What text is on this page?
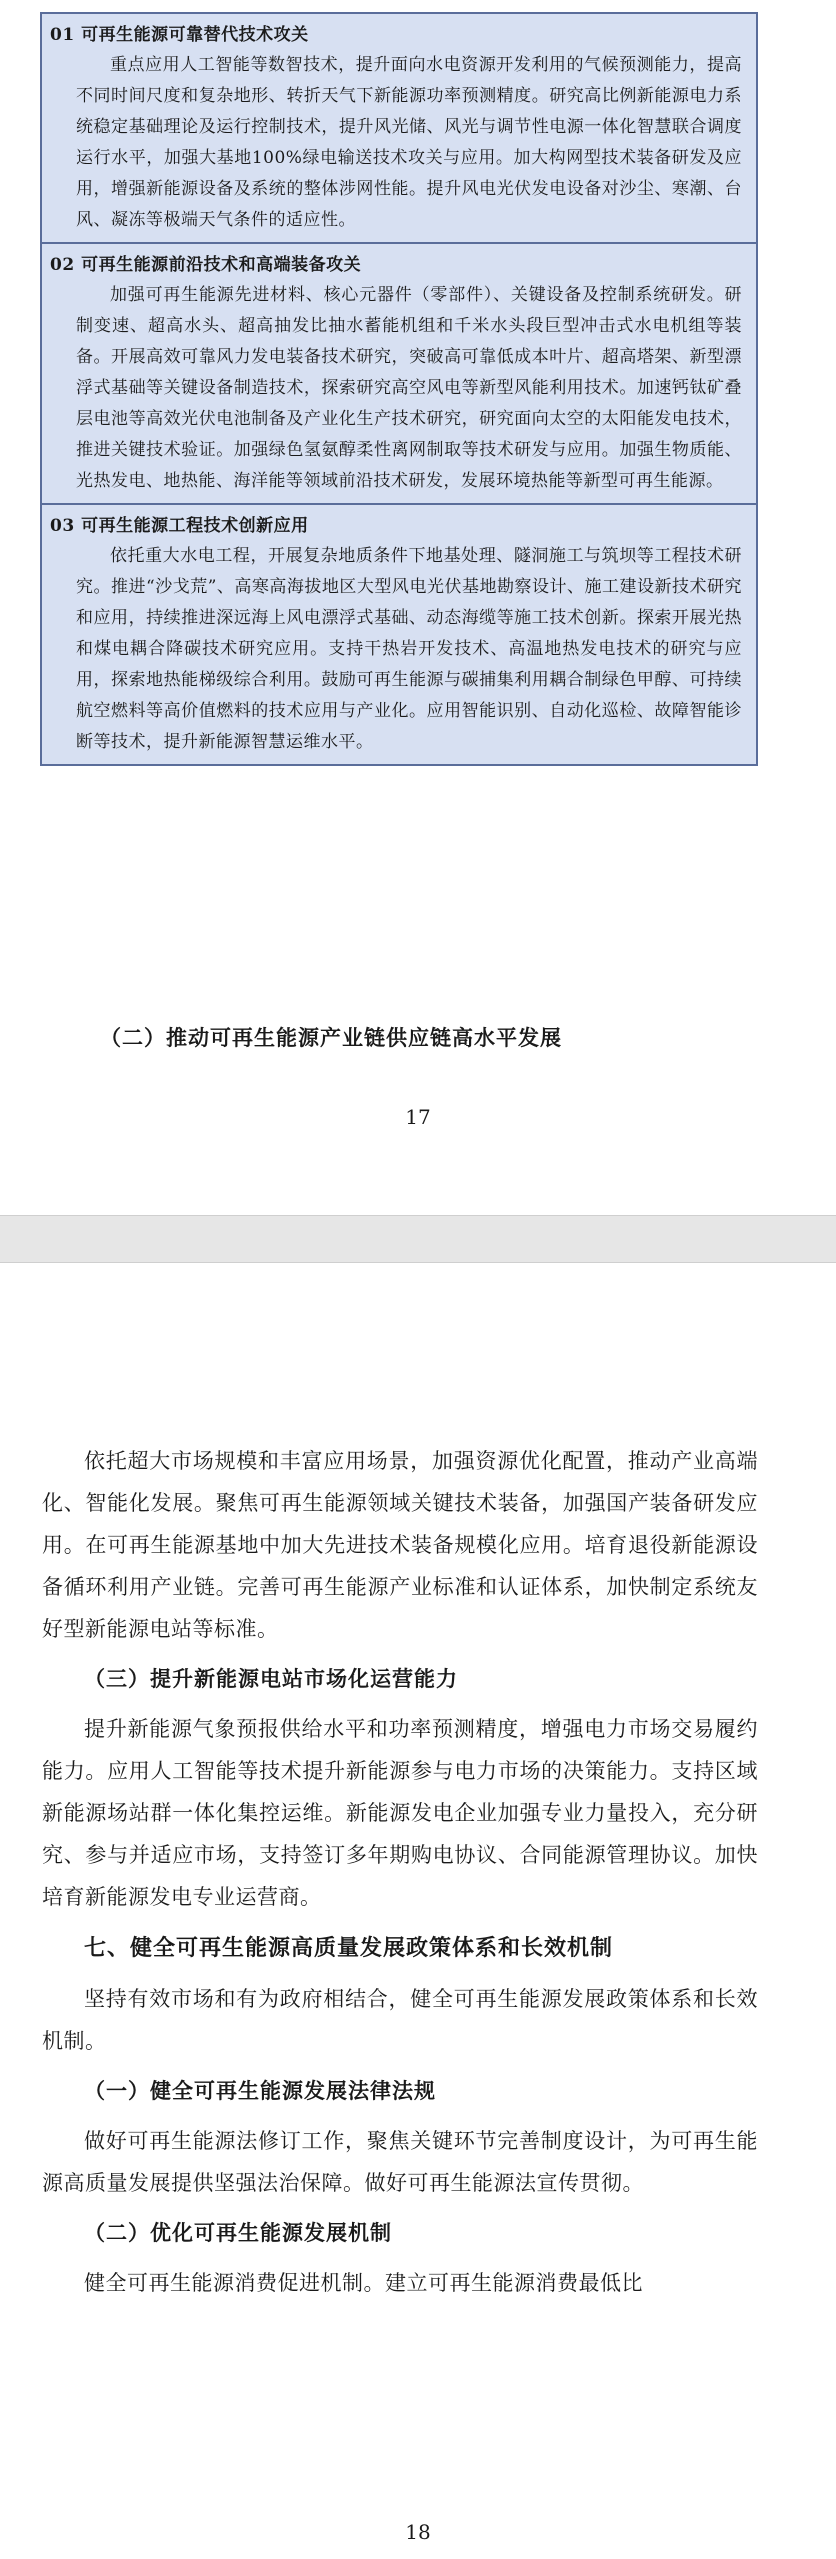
01 可再生能源可靠替代技术攻关
重点应用人工智能等数智技术，提升面向水电资源开发利用的气候预测能力，提高不同时间尺度和复杂地形、转折天气下新能源功率预测精度。研究高比例新能源电力系统稳定基础理论及运行控制技术，提升风光储、风光与调节性电源一体化智慧联合调度运行水平，加强大基地100%绿电输送技术攻关与应用。加大构网型技术装备研发及应用，增强新能源设备及系统的整体涉网性能。提升风电光伏发电设备对沙尘、寒潮、台风、凝冻等极端天气条件的适应性。
02 可再生能源前沿技术和高端装备攻关
加强可再生能源先进材料、核心元器件（零部件）、关键设备及控制系统研发。研制变速、超高水头、超高抽发比抽水蓄能机组和千米水头段巨型冲击式水电机组等装备。开展高效可靠风力发电装备技术研究，突破高可靠低成本叶片、超高塔架、新型漂浮式基础等关键设备制造技术，探索研究高空风电等新型风能利用技术。加速钙钛矿叠层电池等高效光伏电池制备及产业化生产技术研究，研究面向太空的太阳能发电技术，推进关键技术验证。加强绿色氢氨醇柔性离网制取等技术研发与应用。加强生物质能、光热发电、地热能、海洋能等领域前沿技术研发，发展环境热能等新型可再生能源。
03 可再生能源工程技术创新应用
依托重大水电工程，开展复杂地质条件下地基处理、隧洞施工与筑坝等工程技术研究。推进“沙戈荒”、高寒高海拔地区大型风电光伏基地勘察设计、施工建设新技术研究和应用，持续推进深远海上风电漂浮式基础、动态海缆等施工技术创新。探索开展光热和煤电耦合降碳技术研究应用。支持干热岩开发技术、高温地热发电技术的研究与应用，探索地热能梯级综合利用。鼓励可再生能源与碳捕集利用耦合制绿色甲醇、可持续航空燃料等高价值燃料的技术应用与产业化。应用智能识别、自动化巡检、故障智能诊断等技术，提升新能源智慧运维水平。
（二）推动可再生能源产业链供应链高水平发展
17

依托超大市场规模和丰富应用场景，加强资源优化配置，推动产业高端化、智能化发展。聚焦可再生能源领域关键技术装备，加强国产装备研发应用。在可再生能源基地中加大先进技术装备规模化应用。培育退役新能源设备循环利用产业链。完善可再生能源产业标准和认证体系，加快制定系统友好型新能源电站等标准。

（三）提升新能源电站市场化运营能力

提升新能源气象预报供给水平和功率预测精度，增强电力市场交易履约能力。应用人工智能等技术提升新能源参与电力市场的决策能力。支持区域新能源场站群一体化集控运维。新能源发电企业加强专业力量投入，充分研究、参与并适应市场，支持签订多年期购电协议、合同能源管理协议。加快培育新能源发电专业运营商。

七、健全可再生能源高质量发展政策体系和长效机制

坚持有效市场和有为政府相结合，健全可再生能源发展政策体系和长效机制。

（一）健全可再生能源发展法律法规

做好可再生能源法修订工作，聚焦关键环节完善制度设计，为可再生能源高质量发展提供坚强法治保障。做好可再生能源法宣传贯彻。

（二）优化可再生能源发展机制

健全可再生能源消费促进机制。建立可再生能源消费最低比

18
